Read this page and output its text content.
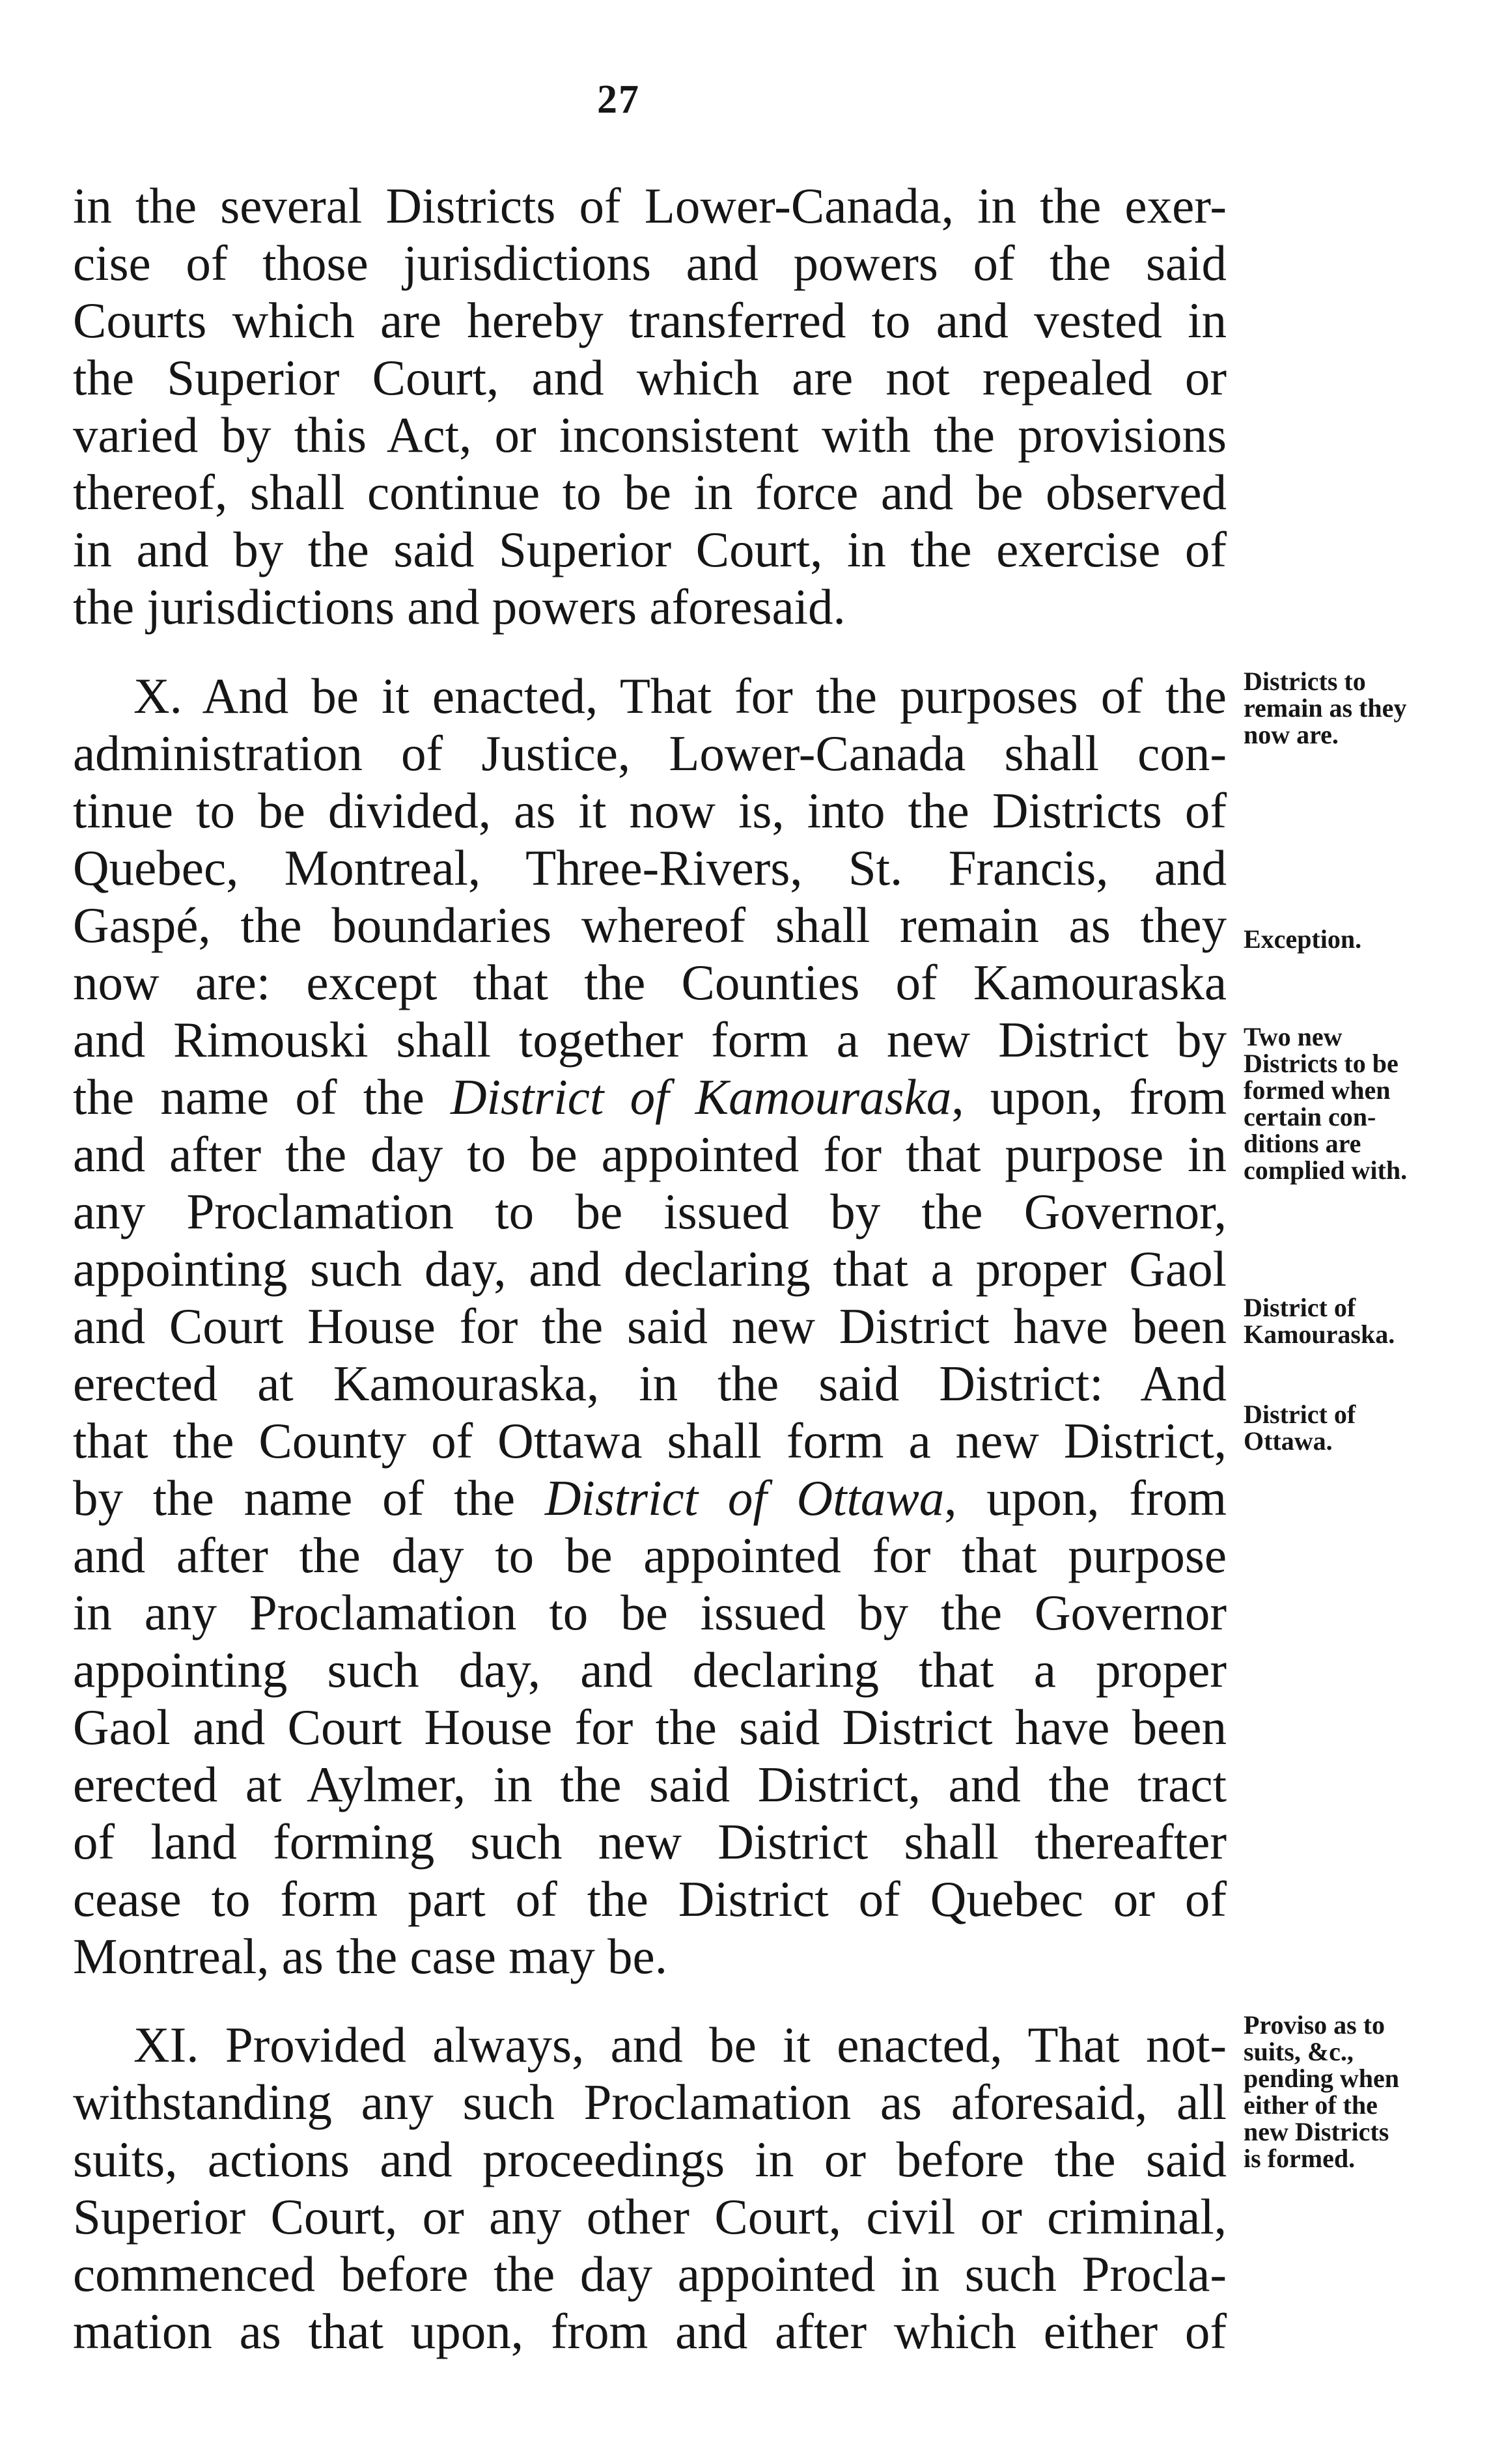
27
in the several Districts of Lower-Canada, in the exer-
cise of those jurisdictions and powers of the said
Courts which are hereby transferred to and vested in
the Superior Court, and which are not repealed or
varied by this Act, or inconsistent with the provisions
thereof, shall continue to be in force and be observed
in and by the said Superior Court, in the exercise of
the jurisdictions and powers aforesaid.
X. And be it enacted, That for the purposes of the
administration of Justice, Lower-Canada shall con-
tinue to be divided, as it now is, into the Districts of
Quebec, Montreal, Three-Rivers, St. Francis, and
Gaspé, the boundaries whereof shall remain as they
now are: except that the Counties of Kamouraska
and Rimouski shall together form a new District by
the name of the District of Kamouraska, upon, from
and after the day to be appointed for that purpose in
any Proclamation to be issued by the Governor,
appointing such day, and declaring that a proper Gaol
and Court House for the said new District have been
erected at Kamouraska, in the said District: And
that the County of Ottawa shall form a new District,
by the name of the District of Ottawa, upon, from
and after the day to be appointed for that purpose
in any Proclamation to be issued by the Governor
appointing such day, and declaring that a proper
Gaol and Court House for the said District have been
erected at Aylmer, in the said District, and the tract
of land forming such new District shall thereafter
cease to form part of the District of Quebec or of
Montreal, as the case may be.
XI. Provided always, and be it enacted, That not-
withstanding any such Proclamation as aforesaid, all
suits, actions and proceedings in or before the said
Superior Court, or any other Court, civil or criminal,
commenced before the day appointed in such Procla-
mation as that upon, from and after which either of
Districts to
remain as they
now are.
Exception.
Two new
Districts to be
formed when
certain con-
ditions are
complied with.
District of
Kamouraska.
District of
Ottawa.
Proviso as to
suits, &c.,
pending when
either of the
new Districts
is formed.
